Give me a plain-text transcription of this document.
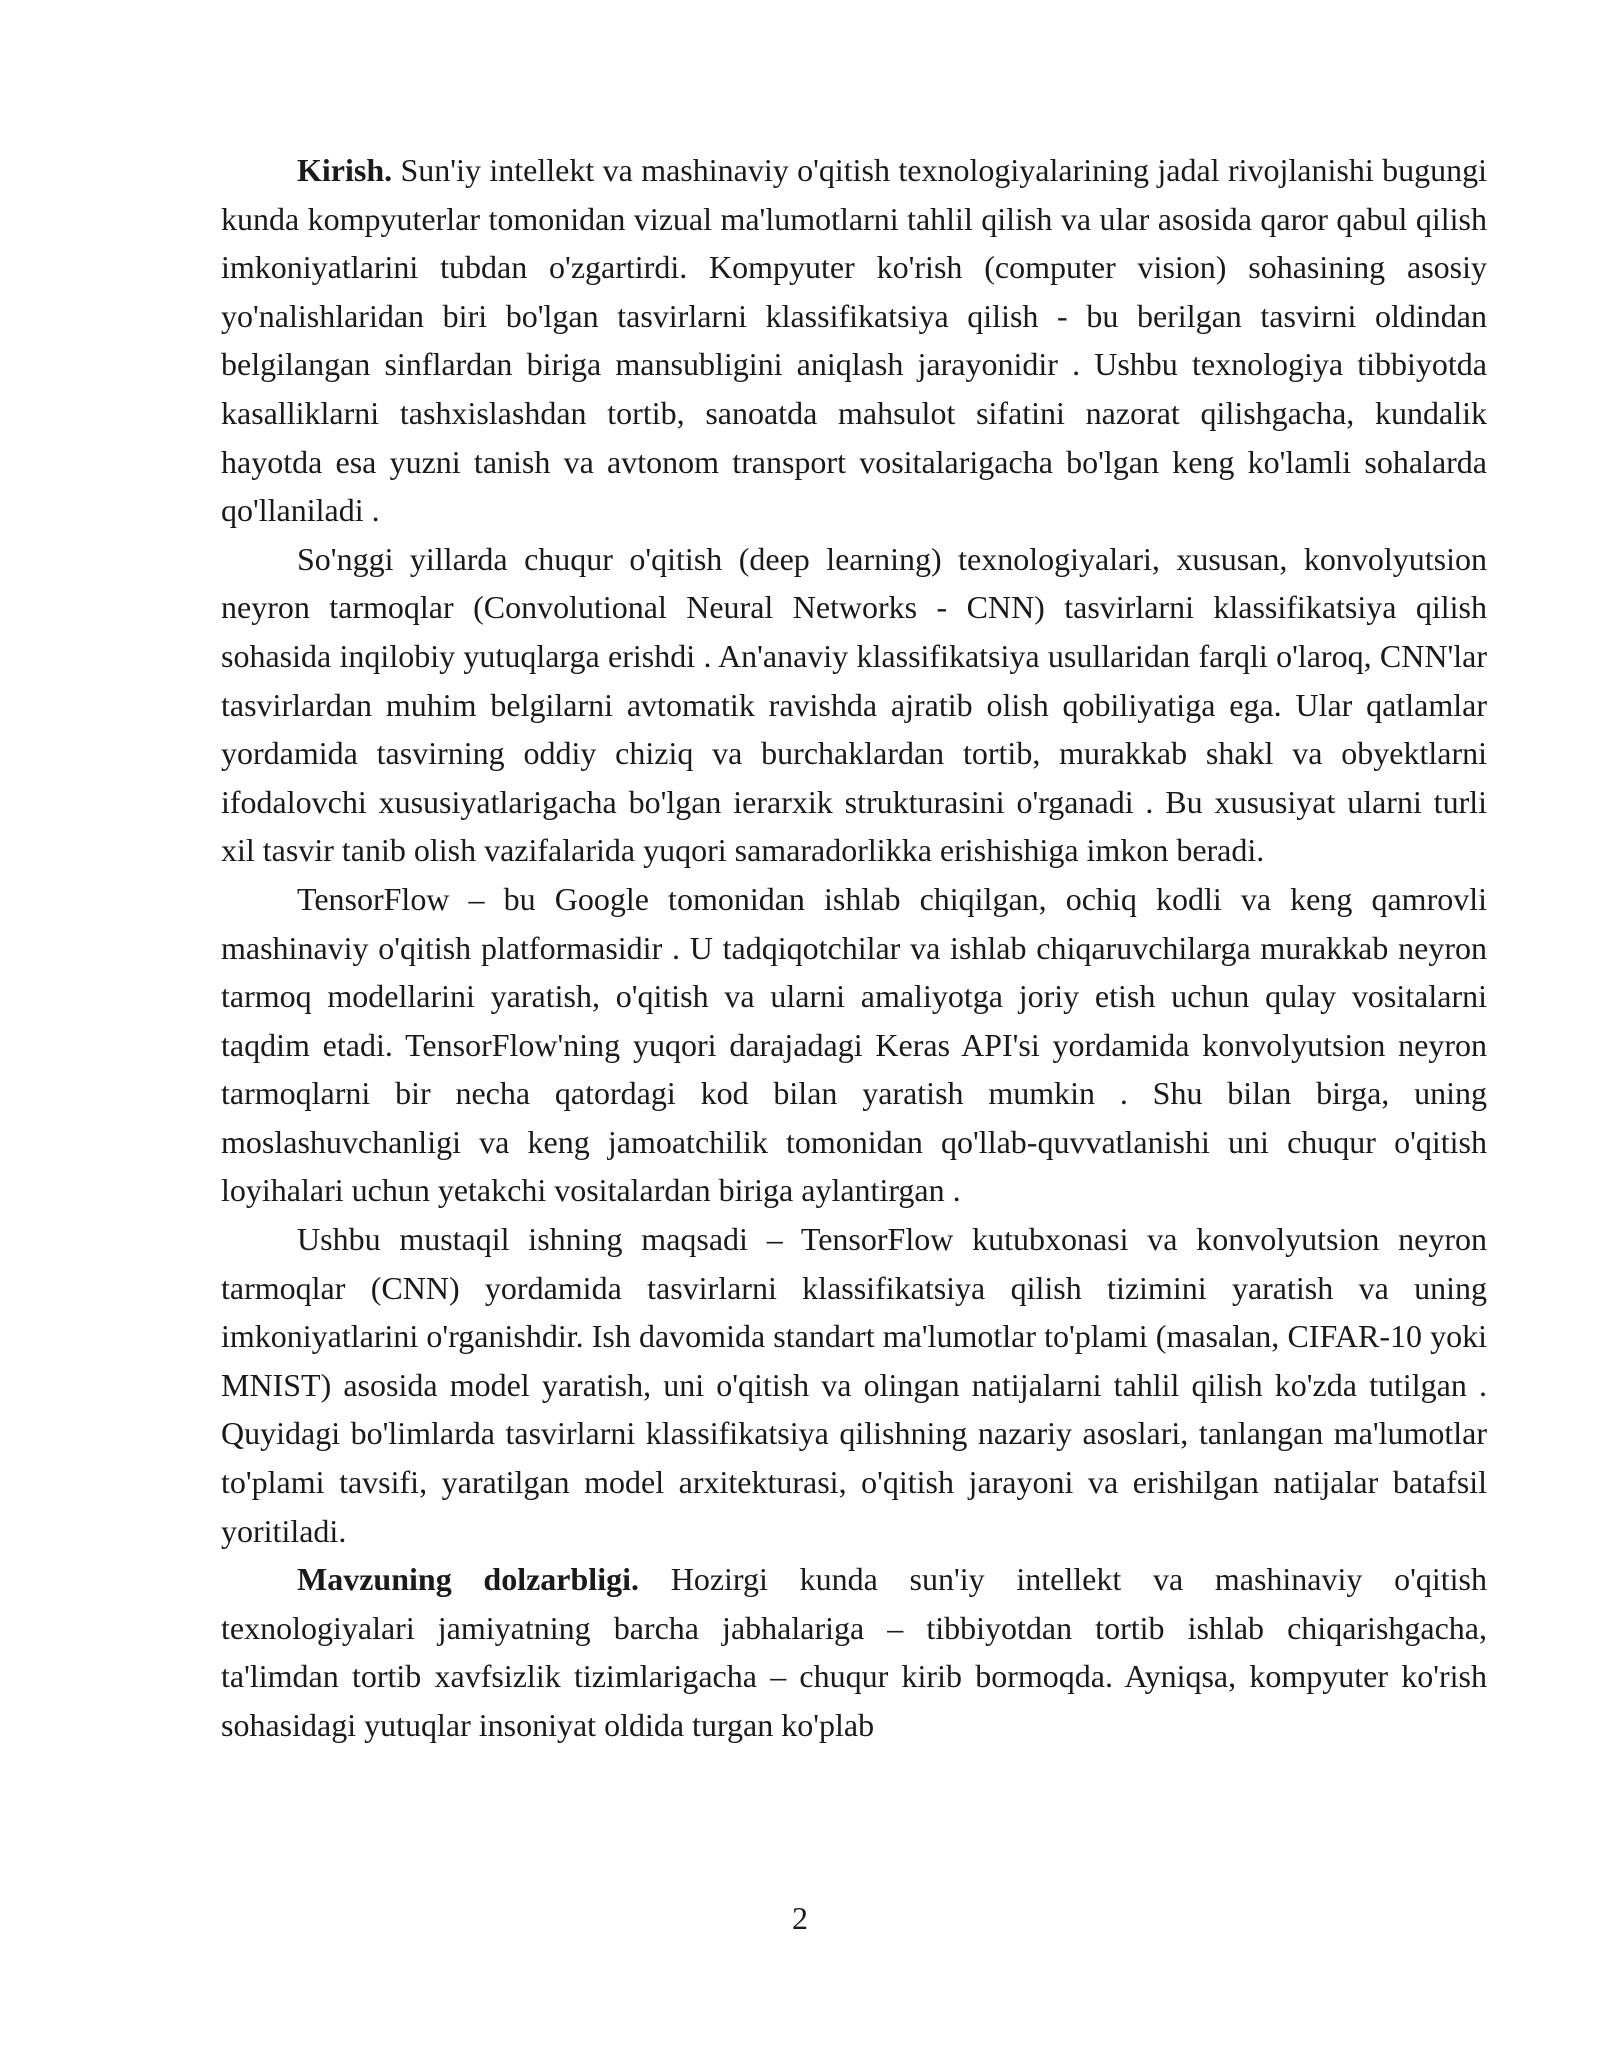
Kirish. Sun'iy intellekt va mashinaviy o'qitish texnologiyalarining jadal rivojlanishi bugungi kunda kompyuterlar tomonidan vizual ma'lumotlarni tahlil qilish va ular asosida qaror qabul qilish imkoniyatlarini tubdan o'zgartirdi. Kompyuter ko'rish (computer vision) sohasining asosiy yo'nalishlaridan biri bo'lgan tasvirlarni klassifikatsiya qilish - bu berilgan tasvirni oldindan belgilangan sinflardan biriga mansubligini aniqlash jarayonidir . Ushbu texnologiya tibbiyotda kasalliklarni tashxislashdan tortib, sanoatda mahsulot sifatini nazorat qilishgacha, kundalik hayotda esa yuzni tanish va avtonom transport vositalarigacha bo'lgan keng ko'lamli sohalarda qo'llaniladi .

So'nggi yillarda chuqur o'qitish (deep learning) texnologiyalari, xususan, konvolyutsion neyron tarmoqlar (Convolutional Neural Networks - CNN) tasvirlarni klassifikatsiya qilish sohasida inqilobiy yutuqlarga erishdi . An'anaviy klassifikatsiya usullaridan farqli o'laroq, CNN'lar tasvirlardan muhim belgilarni avtomatik ravishda ajratib olish qobiliyatiga ega. Ular qatlamlar yordamida tasvirning oddiy chiziq va burchaklardan tortib, murakkab shakl va obyektlarni ifodalovchi xususiyatlarigacha bo'lgan ierarxik strukturasini o'rganadi . Bu xususiyat ularni turli xil tasvir tanib olish vazifalarida yuqori samaradorlikka erishishiga imkon beradi.

TensorFlow – bu Google tomonidan ishlab chiqilgan, ochiq kodli va keng qamrovli mashinaviy o'qitish platformasidir . U tadqiqotchilar va ishlab chiqaruvchilarga murakkab neyron tarmoq modellarini yaratish, o'qitish va ularni amaliyotga joriy etish uchun qulay vositalarni taqdim etadi. TensorFlow'ning yuqori darajadagi Keras API'si yordamida konvolyutsion neyron tarmoqlarni bir necha qatordagi kod bilan yaratish mumkin . Shu bilan birga, uning moslashuvchanligi va keng jamoatchilik tomonidan qo'llab-quvvatlanishi uni chuqur o'qitish loyihalari uchun yetakchi vositalardan biriga aylantirgan .

Ushbu mustaqil ishning maqsadi – TensorFlow kutubxonasi va konvolyutsion neyron tarmoqlar (CNN) yordamida tasvirlarni klassifikatsiya qilish tizimini yaratish va uning imkoniyatlarini o'rganishdir. Ish davomida standart ma'lumotlar to'plami (masalan, CIFAR-10 yoki MNIST) asosida model yaratish, uni o'qitish va olingan natijalarni tahlil qilish ko'zda tutilgan . Quyidagi bo'limlarda tasvirlarni klassifikatsiya qilishning nazariy asoslari, tanlangan ma'lumotlar to'plami tavsifi, yaratilgan model arxitekturasi, o'qitish jarayoni va erishilgan natijalar batafsil yoritiladi.

Mavzuning dolzarbligi. Hozirgi kunda sun'iy intellekt va mashinaviy o'qitish texnologiyalari jamiyatning barcha jabhalariga – tibbiyotdan tortib ishlab chiqarishgacha, ta'limdan tortib xavfsizlik tizimlarigacha – chuqur kirib bormoqda. Ayniqsa, kompyuter ko'rish sohasidagi yutuqlar insoniyat oldida turgan ko'plab

2
